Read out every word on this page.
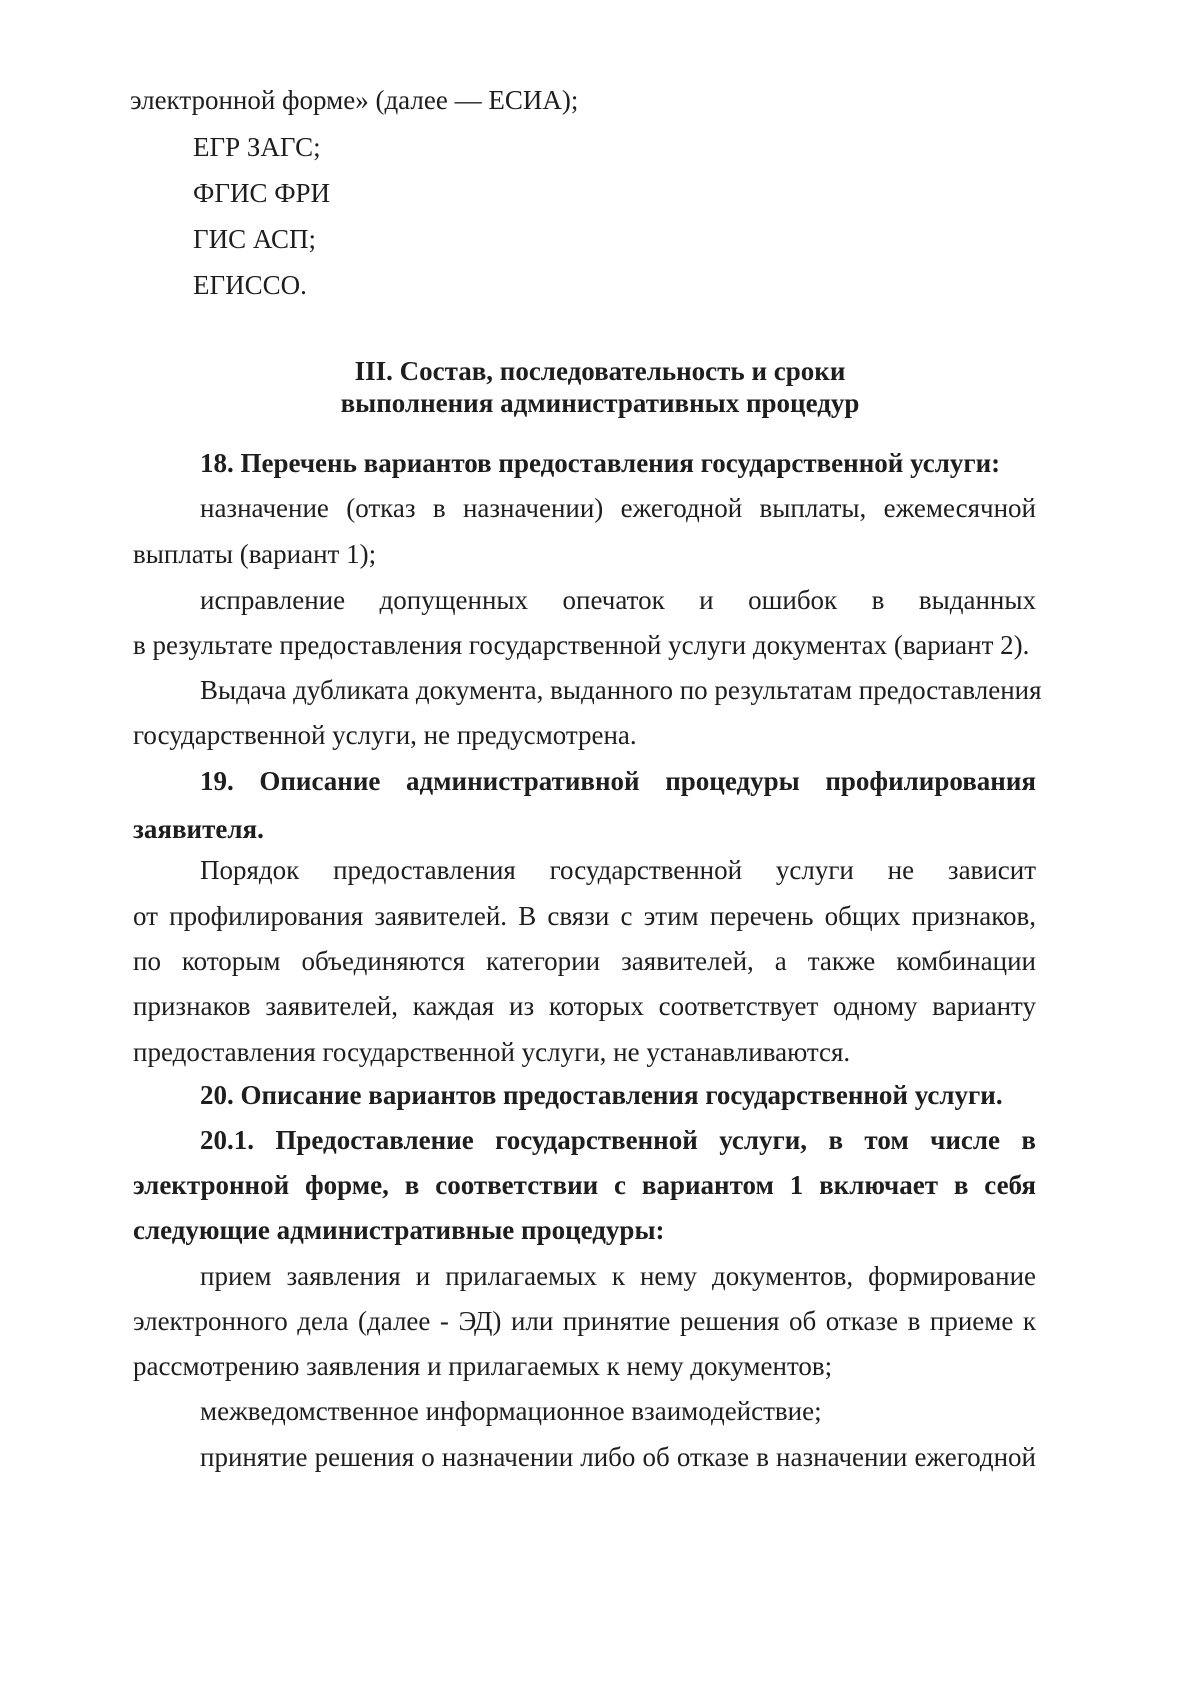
электронной форме» (далее — ЕСИА);
ЕГР ЗАГС;
ФГИС ФРИ
ГИС АСП;
ЕГИССО.
III. Состав, последовательность и сроки
выполнения административных процедур
18. Перечень вариантов предоставления государственной услуги:
назначение (отказ в назначении) ежегодной выплаты, ежемесячной
выплаты (вариант 1);
исправление допущенных опечаток и ошибок в выданных
в результате предоставления государственной услуги документах (вариант 2).
Выдача дубликата документа, выданного по результатам предоставления
государственной услуги, не предусмотрена.
19. Описание административной процедуры профилирования
заявителя.
Порядок предоставления государственной услуги не зависит
от профилирования заявителей. В связи с этим перечень общих признаков,
по которым объединяются категории заявителей, а также комбинации
признаков заявителей, каждая из которых соответствует одному варианту
предоставления государственной услуги, не устанавливаются.
20. Описание вариантов предоставления государственной услуги.
20.1. Предоставление государственной услуги, в том числе в
электронной форме, в соответствии с вариантом 1 включает в себя
следующие административные процедуры:
прием заявления и прилагаемых к нему документов, формирование
электронного дела (далее - ЭД) или принятие решения об отказе в приеме к
рассмотрению заявления и прилагаемых к нему документов;
межведомственное информационное взаимодействие;
принятие решения о назначении либо об отказе в назначении ежегодной
